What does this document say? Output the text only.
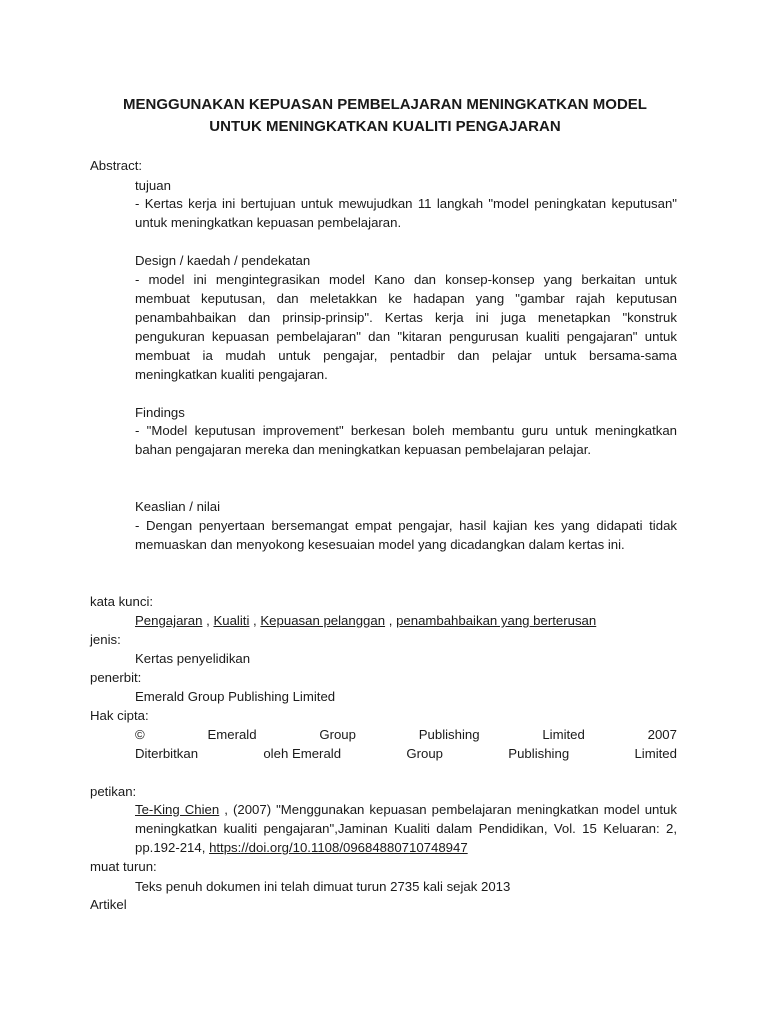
MENGGUNAKAN KEPUASAN PEMBELAJARAN MENINGKATKAN MODEL
UNTUK MENINGKATKAN KUALITI PENGAJARAN
Abstract:
tujuan
- Kertas kerja ini bertujuan untuk mewujudkan 11 langkah "model peningkatan keputusan" untuk meningkatkan kepuasan pembelajaran.
Design / kaedah / pendekatan
- model ini mengintegrasikan model Kano dan konsep-konsep yang berkaitan untuk membuat keputusan, dan meletakkan ke hadapan yang "gambar rajah keputusan penambahbaikan dan prinsip-prinsip". Kertas kerja ini juga menetapkan "konstruk pengukuran kepuasan pembelajaran" dan "kitaran pengurusan kualiti pengajaran" untuk membuat ia mudah untuk pengajar, pentadbir dan pelajar untuk bersama-sama meningkatkan kualiti pengajaran.
Findings
- "Model keputusan improvement" berkesan boleh membantu guru untuk meningkatkan bahan pengajaran mereka dan meningkatkan kepuasan pembelajaran pelajar.
Keaslian / nilai
- Dengan penyertaan bersemangat empat pengajar, hasil kajian kes yang didapati tidak memuaskan dan menyokong kesesuaian model yang dicadangkan dalam kertas ini.
kata kunci:
Pengajaran , Kualiti , Kepuasan pelanggan , penambahbaikan yang berterusan
jenis:
Kertas penyelidikan
penerbit:
Emerald Group Publishing Limited
Hak cipta:
©	Emerald	Group	Publishing	Limited	2007
Diterbitkan	oleh Emerald	Group	Publishing	Limited
petikan:
Te-King Chien , (2007) "Menggunakan kepuasan pembelajaran meningkatkan model untuk meningkatkan kualiti pengajaran",Jaminan Kualiti dalam Pendidikan, Vol. 15 Keluaran: 2, pp.192-214, https://doi.org/10.1108/09684880710748947
muat turun:
Teks penuh dokumen ini telah dimuat turun 2735 kali sejak 2013
Artikel
